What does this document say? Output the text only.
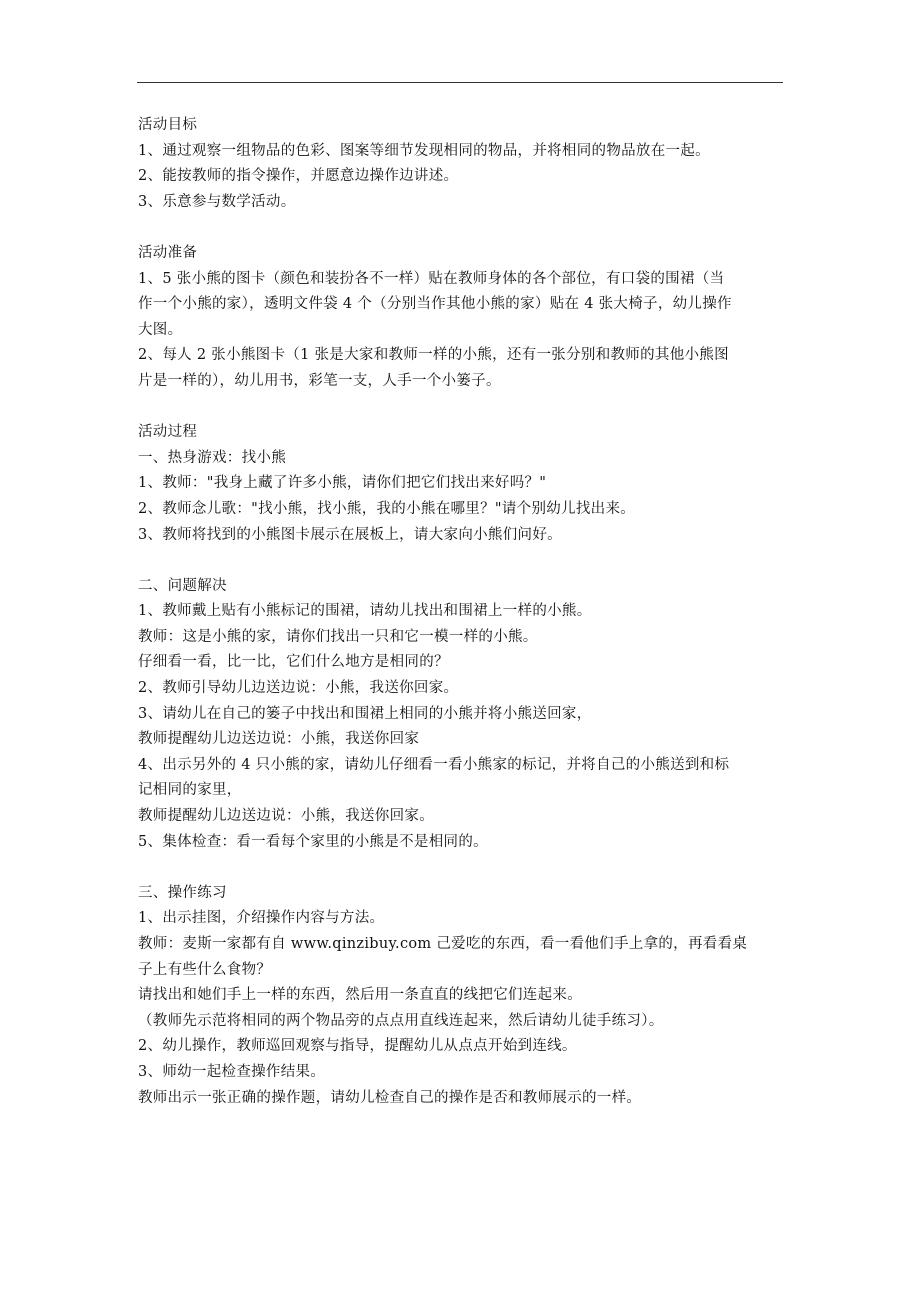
活动目标

1、通过观察一组物品的色彩、图案等细节发现相同的物品，并将相同的物品放在一起。

2、能按教师的指令操作，并愿意边操作边讲述。

3、乐意参与数学活动。

活动准备

1、5 张小熊的图卡（颜色和装扮各不一样）贴在教师身体的各个部位，有口袋的围裙（当

作一个小熊的家），透明文件袋 4 个（分别当作其他小熊的家）贴在 4 张大椅子，幼儿操作

大图。

2、每人 2 张小熊图卡（1 张是大家和教师一样的小熊，还有一张分别和教师的其他小熊图

片是一样的），幼儿用书，彩笔一支，人手一个小篓子。

活动过程

一、热身游戏：找小熊

1、教师："我身上藏了许多小熊，请你们把它们找出来好吗？"

2、教师念儿歌："找小熊，找小熊，我的小熊在哪里？"请个别幼儿找出来。

3、教师将找到的小熊图卡展示在展板上，请大家向小熊们问好。

二、问题解决

1、教师戴上贴有小熊标记的围裙，请幼儿找出和围裙上一样的小熊。

教师：这是小熊的家，请你们找出一只和它一模一样的小熊。

仔细看一看，比一比，它们什么地方是相同的？

2、教师引导幼儿边送边说：小熊，我送你回家。

3、请幼儿在自己的篓子中找出和围裙上相同的小熊并将小熊送回家，

教师提醒幼儿边送边说：小熊，我送你回家

4、出示另外的 4 只小熊的家，请幼儿仔细看一看小熊家的标记，并将自己的小熊送到和标

记相同的家里，

教师提醒幼儿边送边说：小熊，我送你回家。

5、集体检查：看一看每个家里的小熊是不是相同的。

三、操作练习

1、出示挂图，介绍操作内容与方法。

教师：麦斯一家都有自 www.qinzibuy.com 己爱吃的东西，看一看他们手上拿的，再看看桌

子上有些什么食物？

请找出和她们手上一样的东西，然后用一条直直的线把它们连起来。

（教师先示范将相同的两个物品旁的点点用直线连起来，然后请幼儿徒手练习）。

2、幼儿操作，教师巡回观察与指导，提醒幼儿从点点开始到连线。

3、师幼一起检查操作结果。

教师出示一张正确的操作题，请幼儿检查自己的操作是否和教师展示的一样。
